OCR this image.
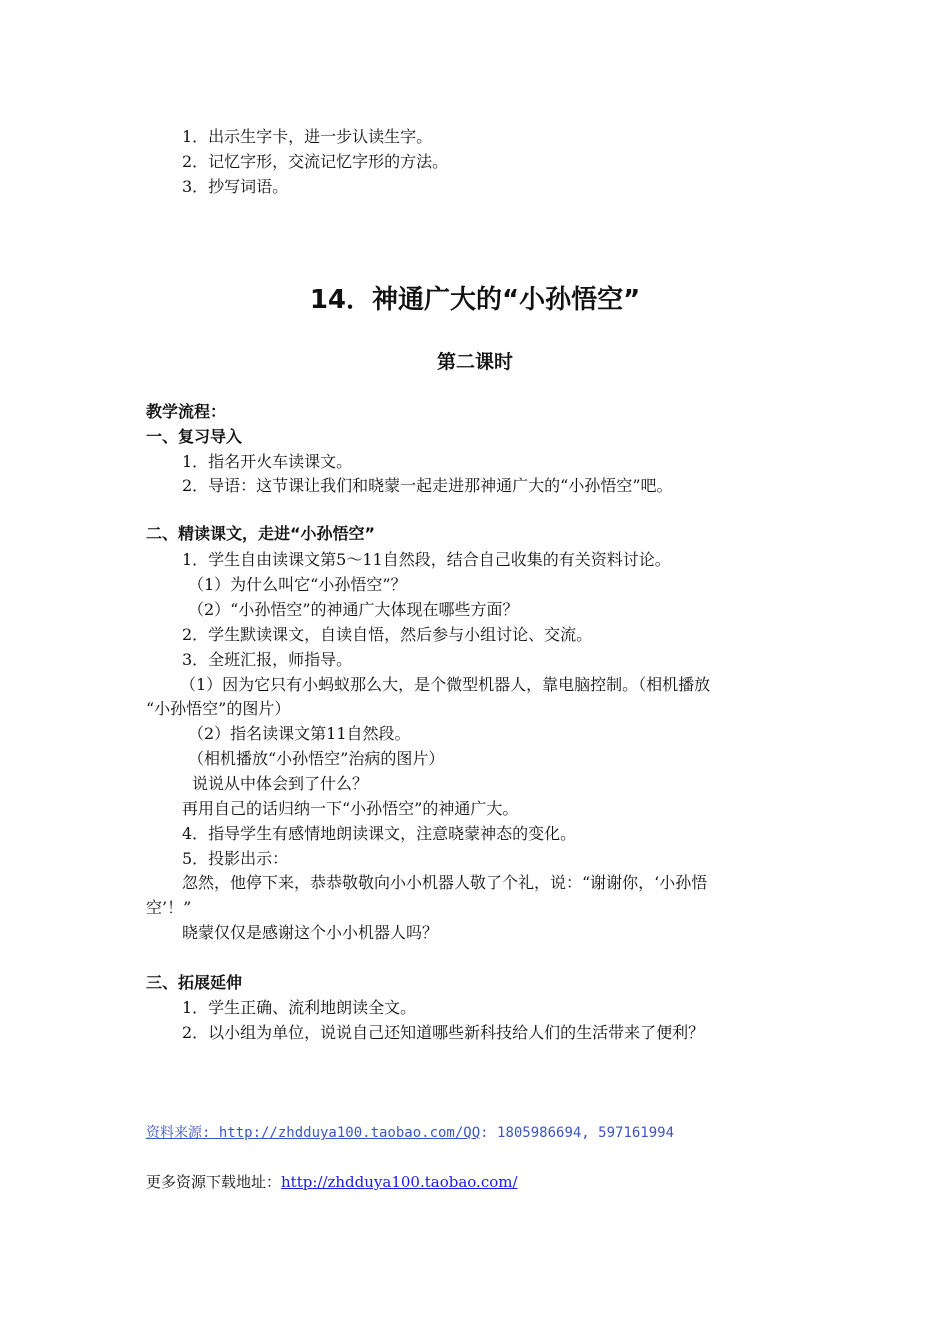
1．出示生字卡，进一步认读生字。
2．记忆字形，交流记忆字形的方法。
3．抄写词语。
14．神通广大的“小孙悟空”
第二课时
教学流程：
一、复习导入
1．指名开火车读课文。
2．导语：这节课让我们和晓蒙一起走进那神通广大的“小孙悟空”吧。
二、精读课文，走进“小孙悟空”
1．学生自由读课文第5～11自然段，结合自己收集的有关资料讨论。
（1）为什么叫它“小孙悟空”？
（2）“小孙悟空”的神通广大体现在哪些方面？
2．学生默读课文，自读自悟，然后参与小组讨论、交流。
3．全班汇报，师指导。
（1）因为它只有小蚂蚁那么大，是个微型机器人，靠电脑控制。（相机播放
“小孙悟空”的图片）
（2）指名读课文第11自然段。
（相机播放“小孙悟空”治病的图片）
说说从中体会到了什么？
再用自己的话归纳一下“小孙悟空”的神通广大。
4．指导学生有感情地朗读课文，注意晓蒙神态的变化。
5．投影出示：
忽然，他停下来，恭恭敬敬向小小机器人敬了个礼，说：“谢谢你，‘小孙悟
空’！”
晓蒙仅仅是感谢这个小小机器人吗？
三、拓展延伸
1．学生正确、流利地朗读全文。
2．以小组为单位，说说自己还知道哪些新科技给人们的生活带来了便利？
资料来源: http://zhdduya100.taobao.com/QQ: 1805986694, 597161994
更多资源下载地址：http://zhdduya100.taobao.com/
